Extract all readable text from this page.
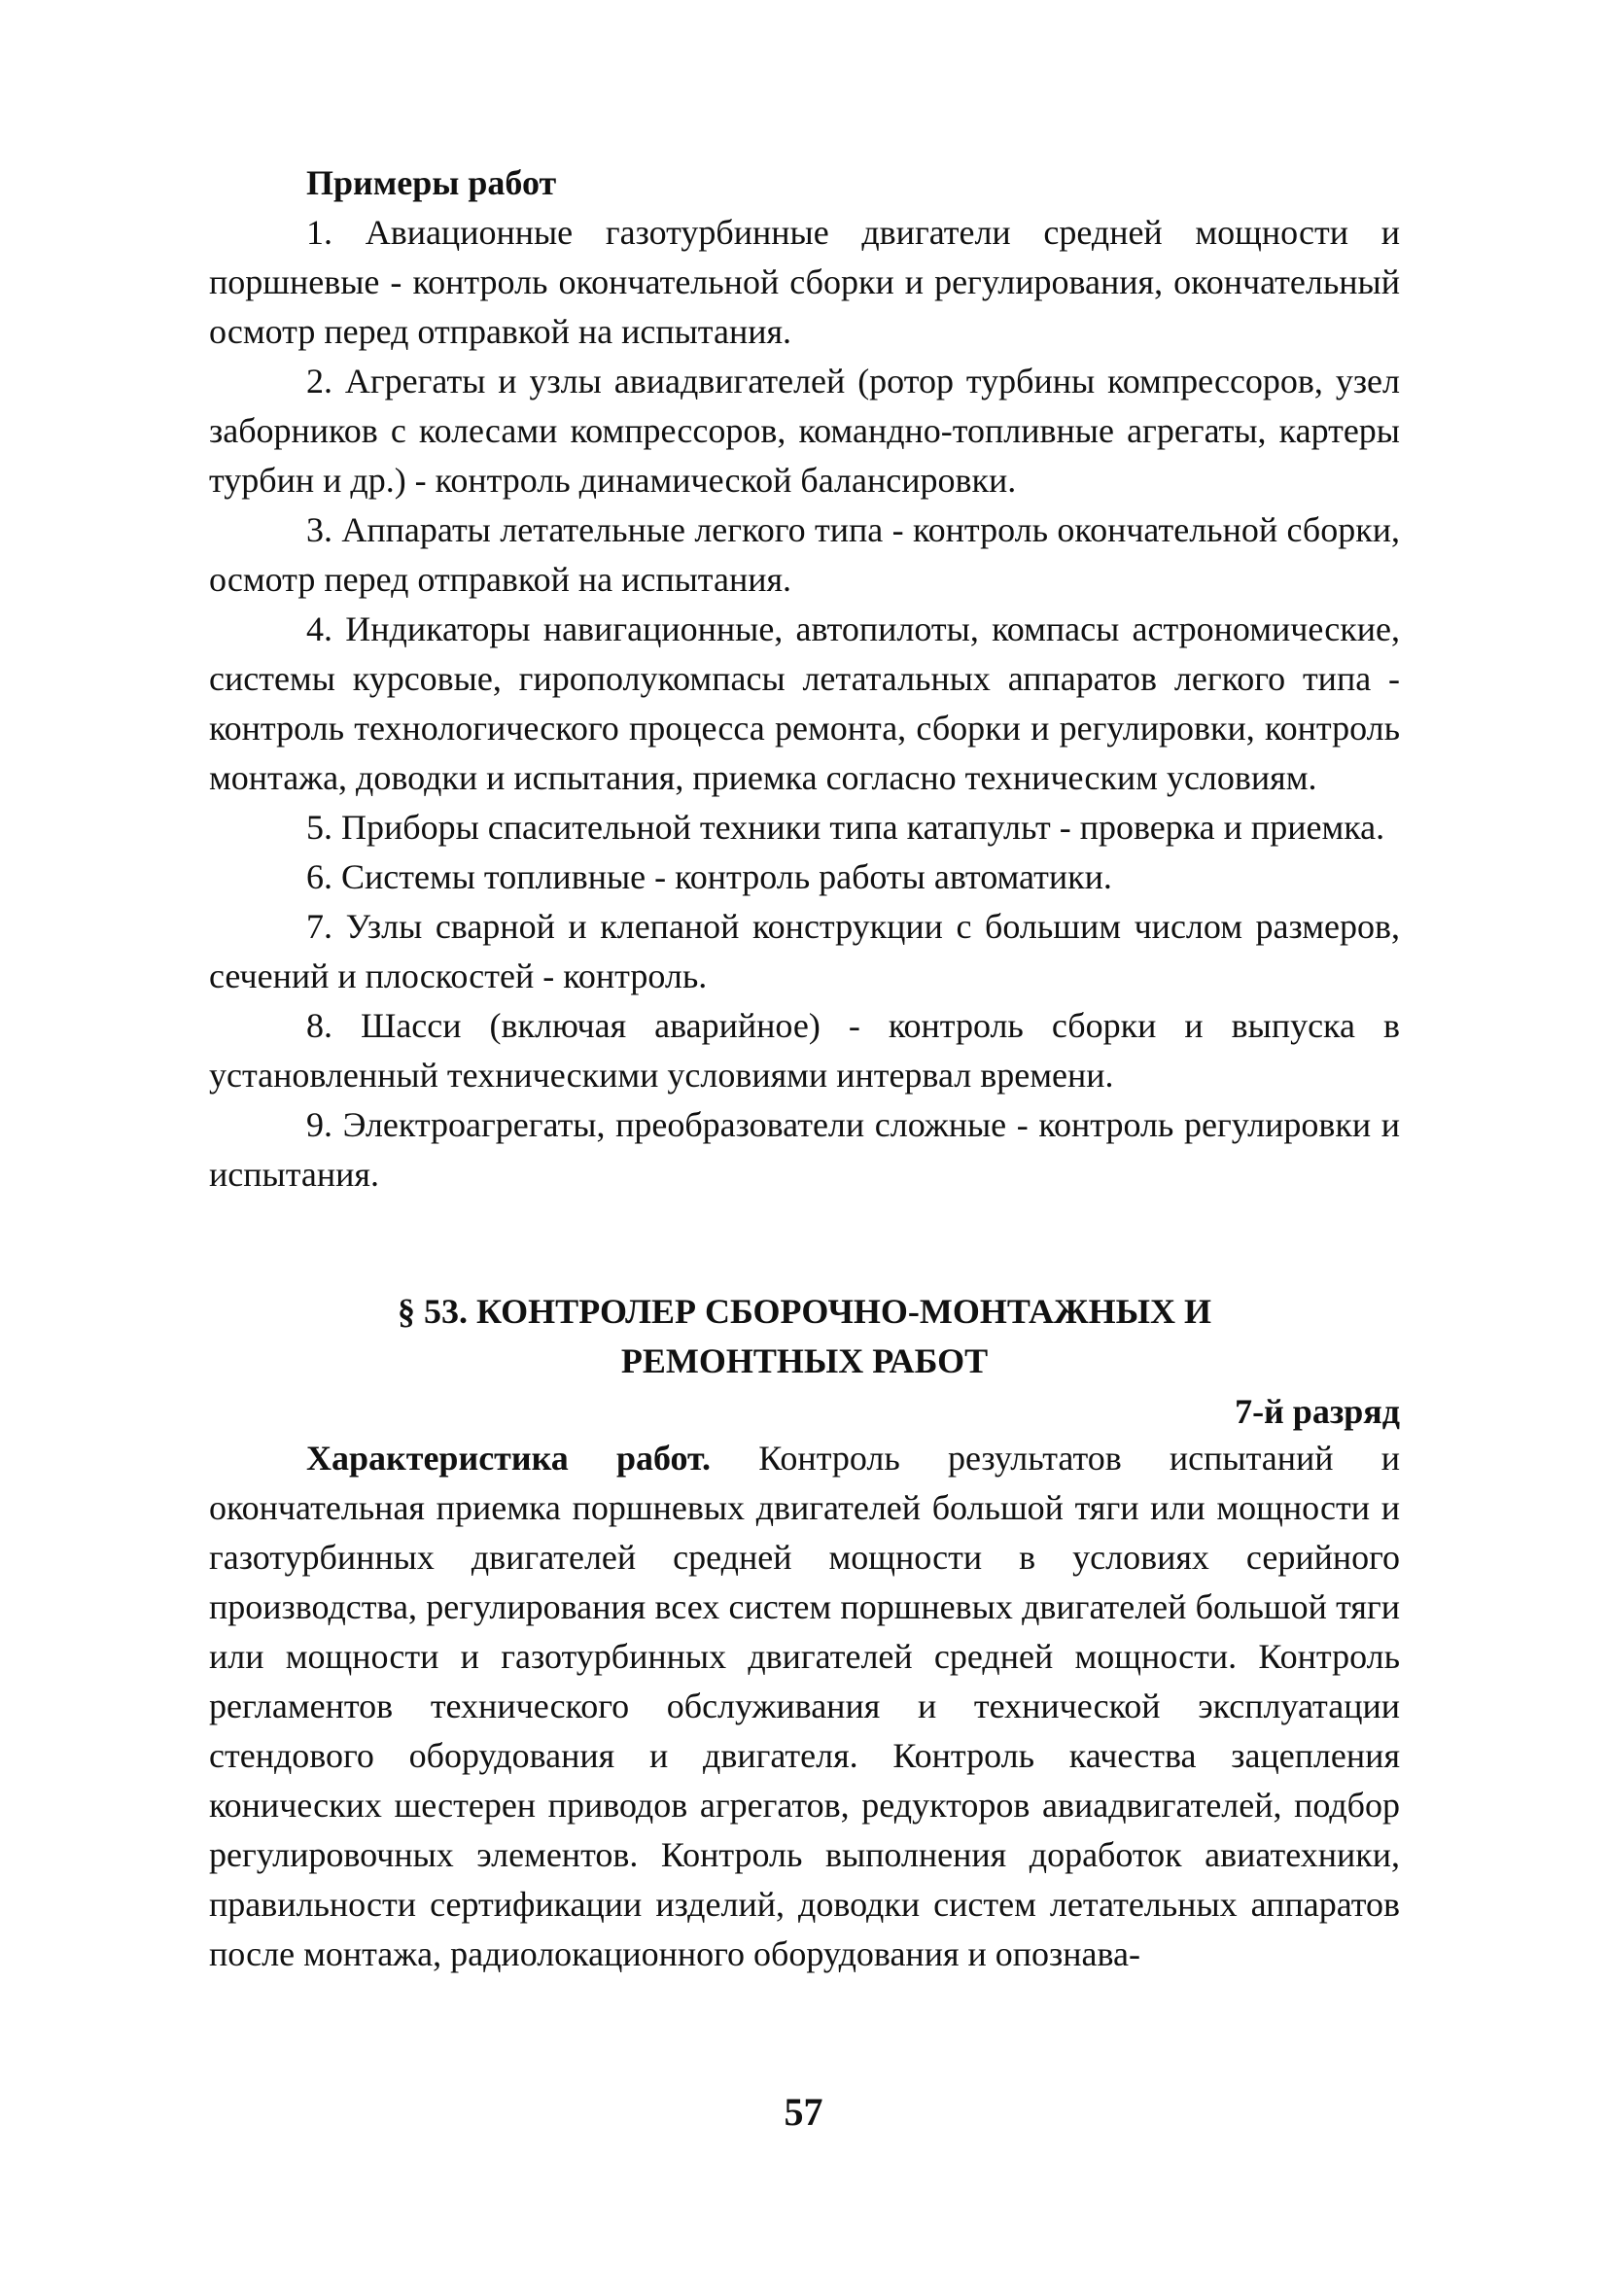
Примеры работ

1. Авиационные газотурбинные двигатели средней мощности и поршневые - контроль окончательной сборки и регулирования, окончательный осмотр перед отправкой на испытания.

2. Агрегаты и узлы авиадвигателей (ротор турбины компрессоров, узел заборников с колесами компрессоров, командно-топливные агрегаты, картеры турбин и др.) - контроль динамической балансировки.

3. Аппараты летательные легкого типа - контроль окончательной сборки, осмотр перед отправкой на испытания.

4. Индикаторы навигационные, автопилоты, компасы астрономические, системы курсовые, гирополукомпасы летатальных аппаратов легкого типа - контроль технологического процесса ремонта, сборки и регулировки, контроль монтажа, доводки и испытания, приемка согласно техническим условиям.

5. Приборы спасительной техники типа катапульт - проверка и приемка.

6. Системы топливные - контроль работы автоматики.

7. Узлы сварной и клепаной конструкции с большим числом размеров, сечений и плоскостей - контроль.

8. Шасси (включая аварийное) - контроль сборки и выпуска в установленный техническими условиями интервал времени.

9. Электроагрегаты, преобразователи сложные - контроль регулировки и испытания.

§ 53. КОНТРОЛЕР СБОРОЧНО-МОНТАЖНЫХ И
РЕМОНТНЫХ РАБОТ

7-й разряд

Характеристика работ. Контроль результатов испытаний и окончательная приемка поршневых двигателей большой тяги или мощности и газотурбинных двигателей средней мощности в условиях серийного производства, регулирования всех систем поршневых двигателей большой тяги или мощности и газотурбинных двигателей средней мощности. Контроль регламентов технического обслуживания и технической эксплуатации стендового оборудования и двигателя. Контроль качества зацепления конических шестерен приводов агрегатов, редукторов авиадвигателей, подбор регулировочных элементов. Контроль выполнения доработок авиатехники, правильности сертификации изделий, доводки систем летательных аппаратов после монтажа, радиолокационного оборудования и опознава-

57
